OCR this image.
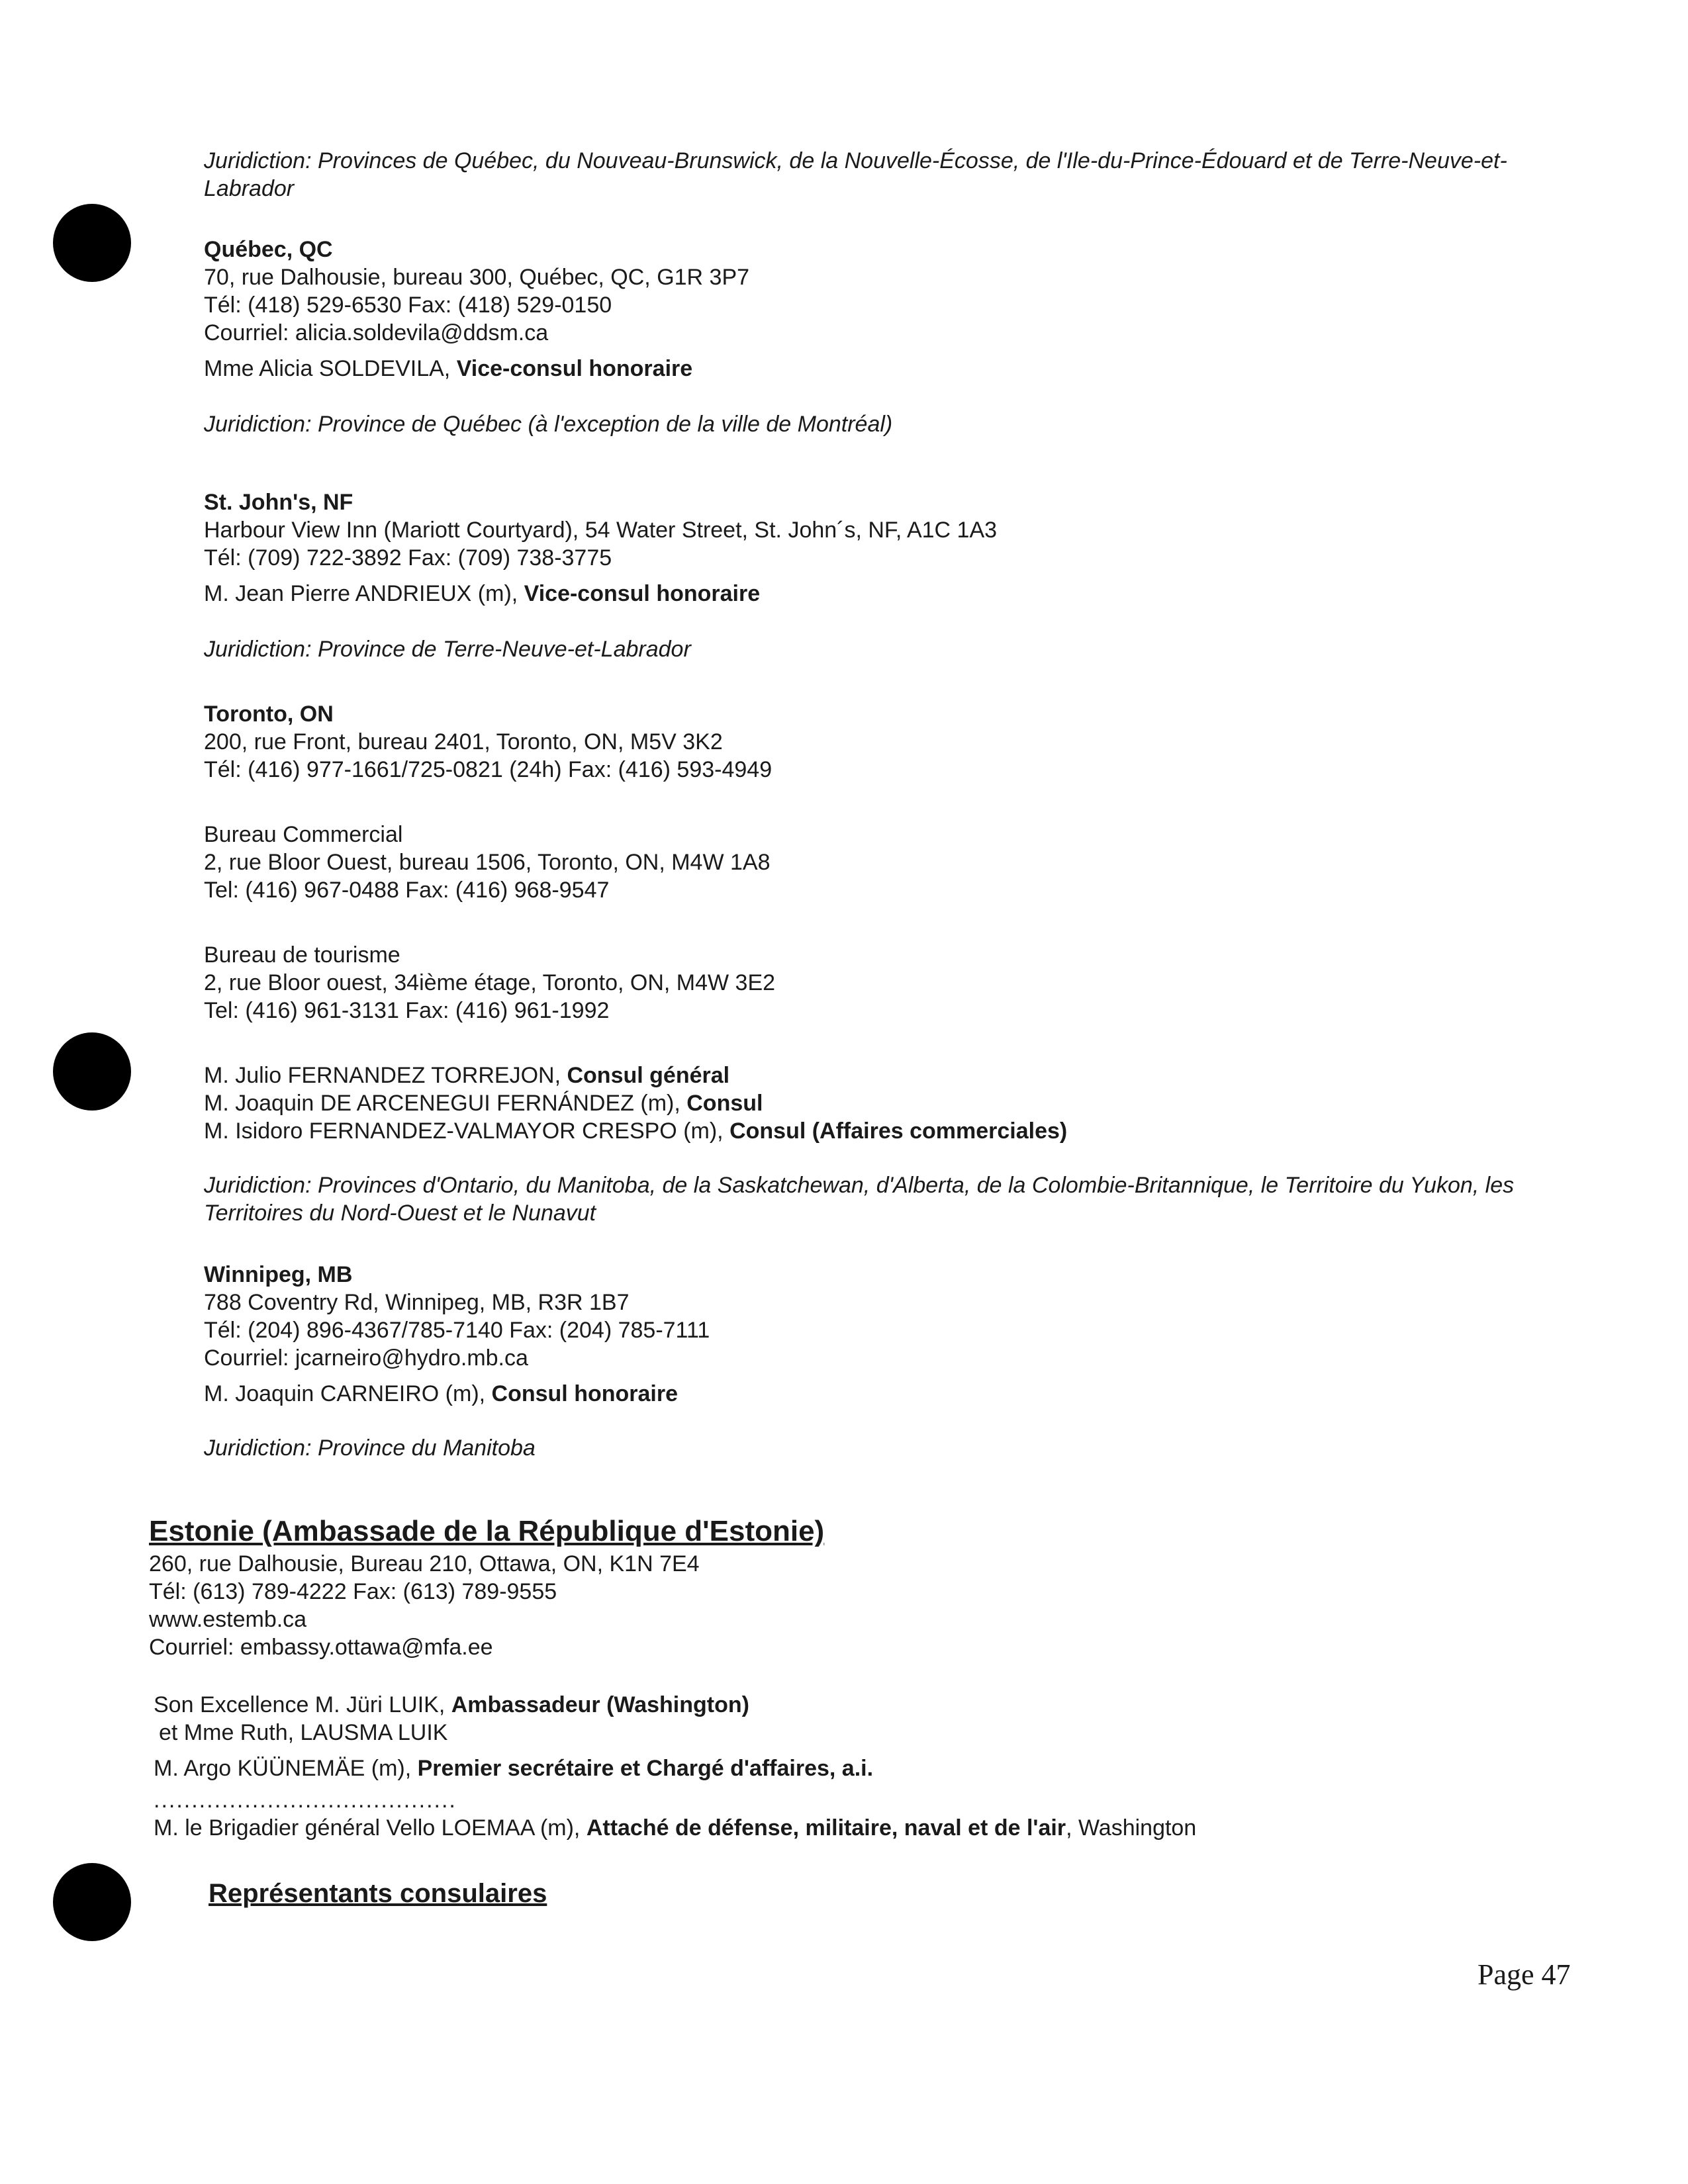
Juridiction: Provinces de Québec, du Nouveau-Brunswick, de la Nouvelle-Écosse, de l'Ile-du-Prince-Édouard et de Terre-Neuve-et-Labrador

Québec, QC

70, rue Dalhousie, bureau 300, Québec, QC, G1R 3P7

Tél: (418) 529-6530 Fax: (418) 529-0150

Courriel: alicia.soldevila@ddsm.ca

Mme Alicia SOLDEVILA, Vice-consul honoraire

Juridiction: Province de Québec (à l'exception de la ville de Montréal)

St. John's, NF

Harbour View Inn (Mariott Courtyard), 54 Water Street, St. John´s, NF, A1C 1A3

Tél: (709) 722-3892 Fax: (709) 738-3775

M. Jean Pierre ANDRIEUX (m), Vice-consul honoraire

Juridiction: Province de Terre-Neuve-et-Labrador

Toronto, ON

200, rue Front, bureau 2401, Toronto, ON, M5V 3K2

Tél: (416) 977-1661/725-0821 (24h) Fax: (416) 593-4949

Bureau Commercial

2, rue Bloor Ouest, bureau 1506, Toronto, ON, M4W 1A8

Tel: (416) 967-0488 Fax: (416) 968-9547

Bureau de tourisme

2, rue Bloor ouest, 34ième étage, Toronto, ON, M4W 3E2

Tel: (416) 961-3131 Fax: (416) 961-1992

M. Julio FERNANDEZ TORREJON, Consul général

M. Joaquin DE ARCENEGUI FERNÁNDEZ (m), Consul

M. Isidoro FERNANDEZ-VALMAYOR CRESPO (m), Consul (Affaires commerciales)

Juridiction: Provinces d'Ontario, du Manitoba, de la Saskatchewan, d'Alberta, de la Colombie-Britannique, le Territoire du Yukon, les Territoires du Nord-Ouest et le Nunavut

Winnipeg, MB

788 Coventry Rd, Winnipeg, MB, R3R 1B7

Tél: (204) 896-4367/785-7140 Fax: (204) 785-7111

Courriel: jcarneiro@hydro.mb.ca

M. Joaquin CARNEIRO (m), Consul honoraire

Juridiction: Province du Manitoba

Estonie (Ambassade de la République d'Estonie)

260, rue Dalhousie, Bureau 210, Ottawa, ON, K1N 7E4

Tél: (613) 789-4222 Fax: (613) 789-9555

www.estemb.ca

Courriel: embassy.ottawa@mfa.ee

Son Excellence M. Jüri LUIK, Ambassadeur (Washington)

et Mme Ruth, LAUSMA LUIK

M. Argo KÜÜNEMÄE (m), Premier secrétaire et Chargé d'affaires, a.i.

........................................

M. le Brigadier général Vello LOEMAA (m), Attaché de défense, militaire, naval et de l'air, Washington

Représentants consulaires
Page 47
